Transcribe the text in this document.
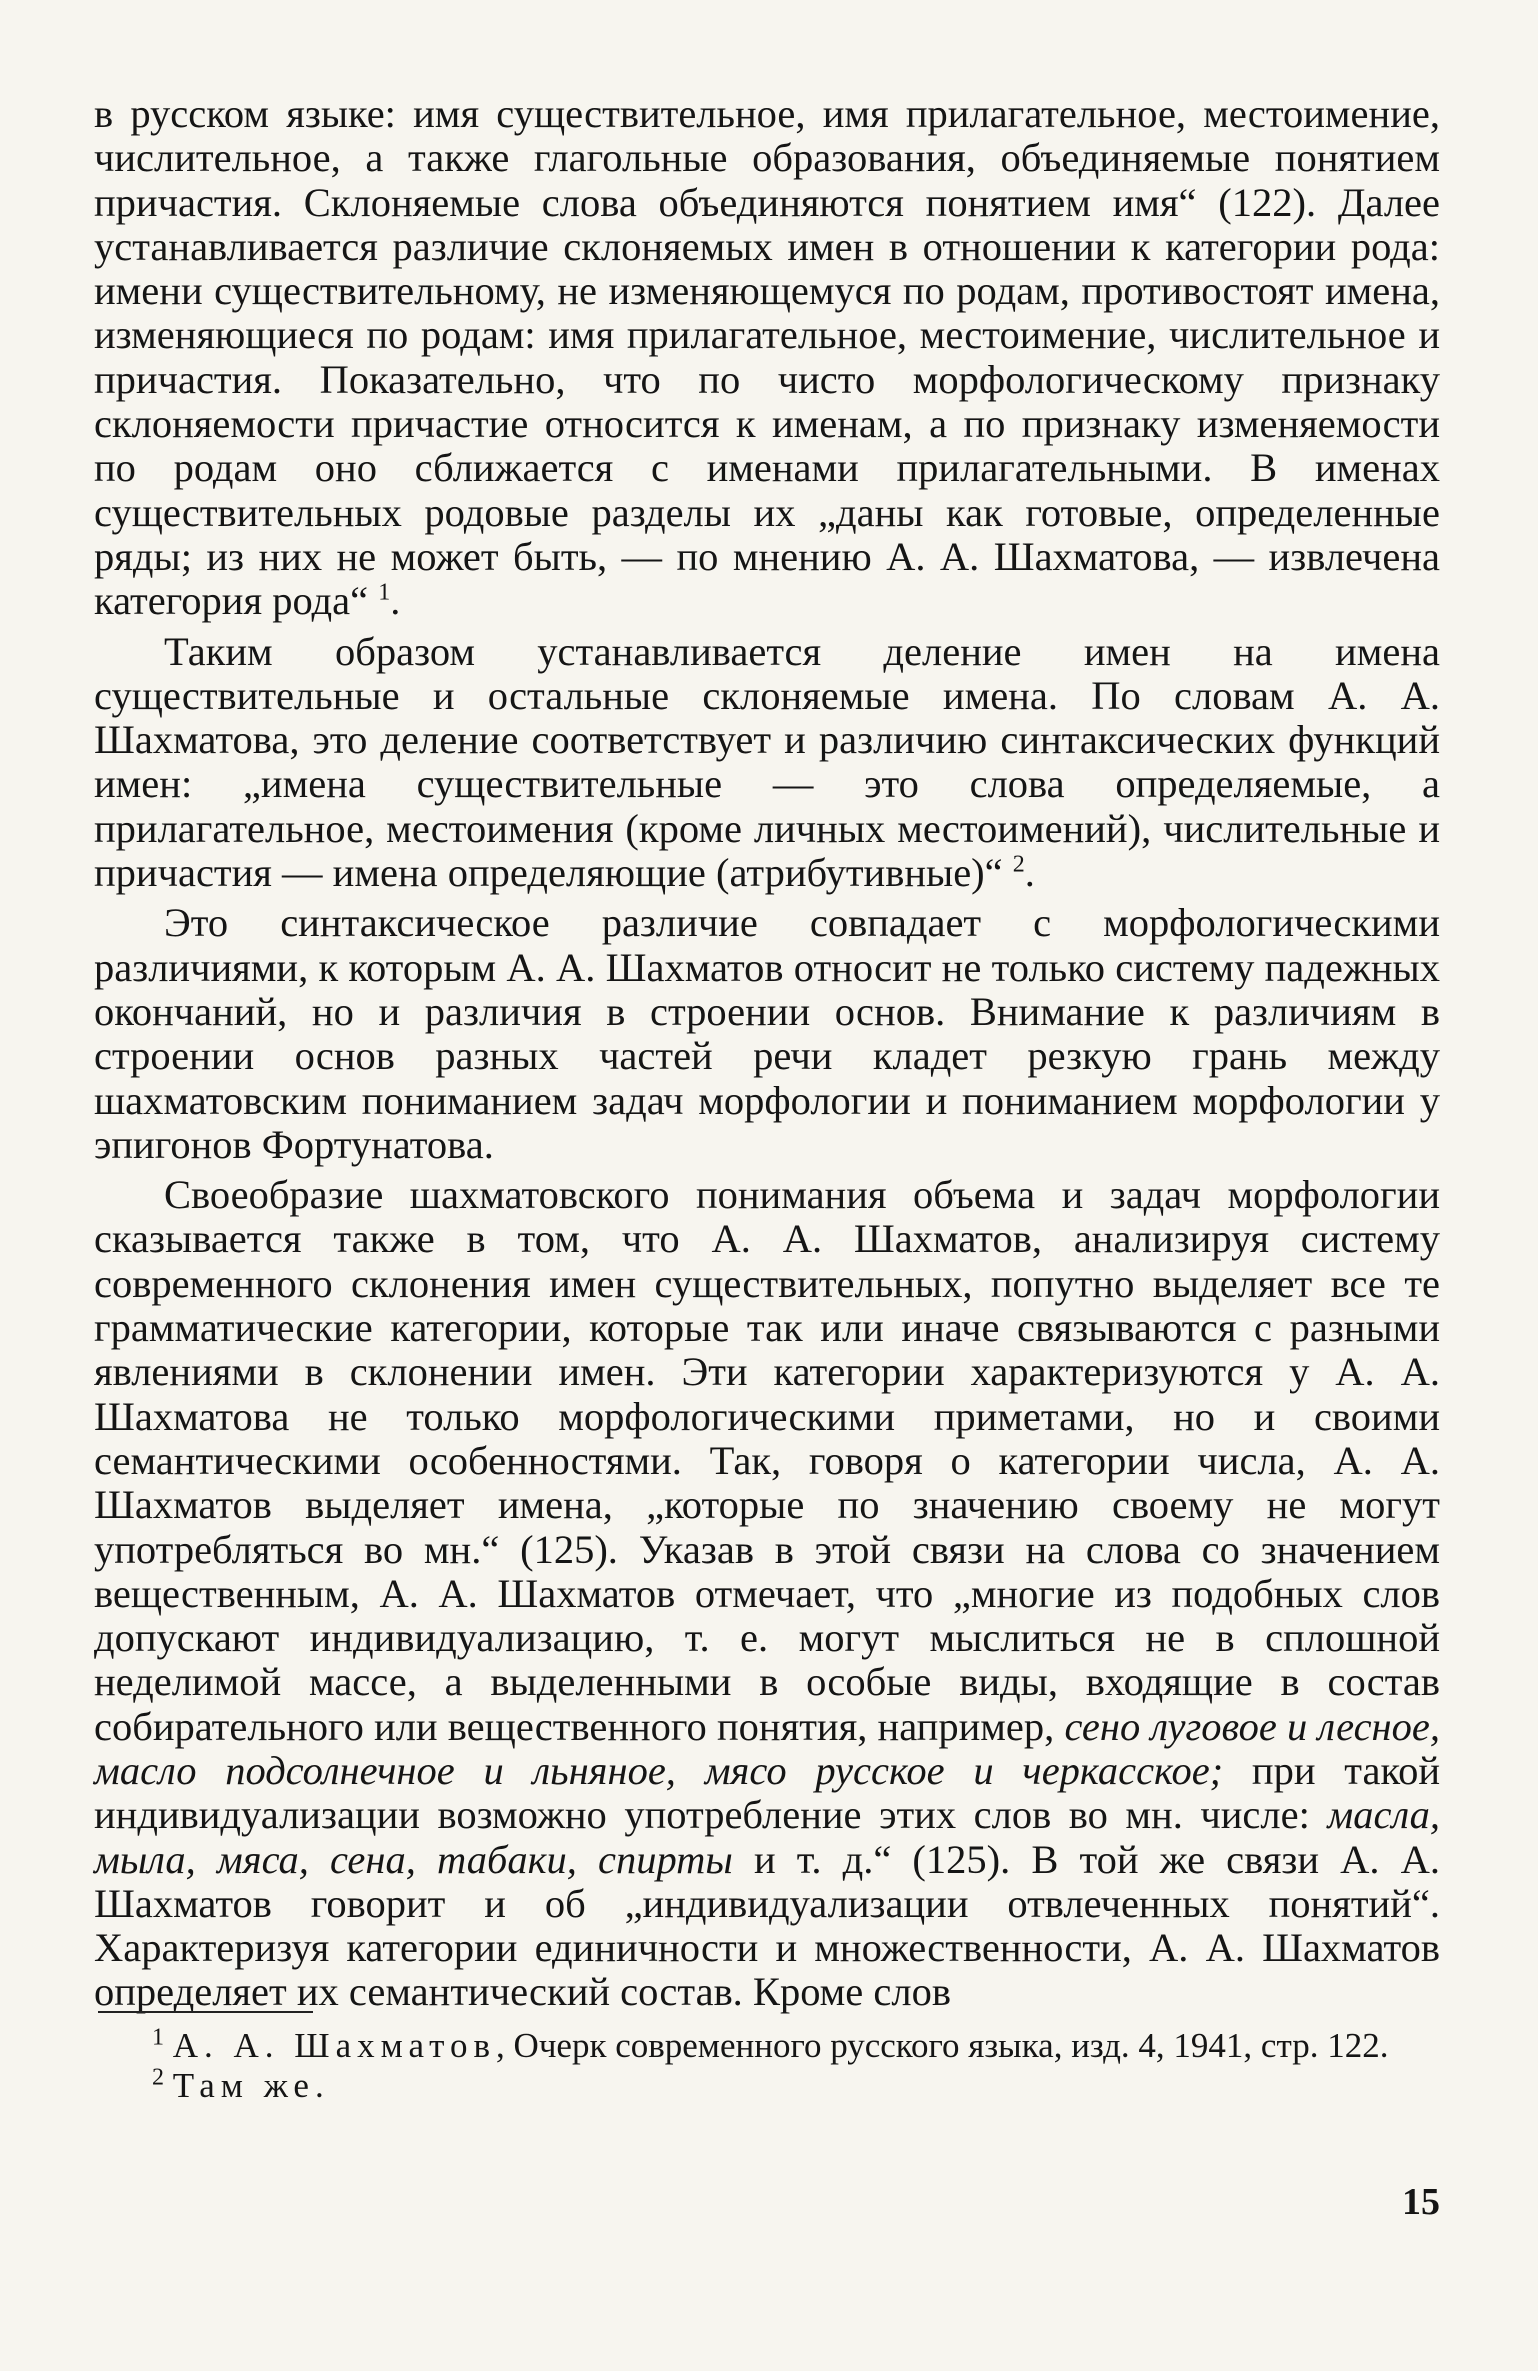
в русском языке: имя существительное, имя прилагательное, местоимение, числительное, а также глагольные образования, объединяемые понятием причастия. Склоняемые слова объединяются понятием имя“ (122). Далее устанавливается различие склоняемых имен в отношении к категории рода: имени существительному, не изменяющемуся по родам, противостоят имена, изменяющиеся по родам: имя прилагательное, местоимение, числительное и причастия. Показательно, что по чисто морфологическому признаку склоняемости причастие относится к именам, а по признаку изменяемости по родам оно сближается с именами прилагательными. В именах существительных родовые разделы их „даны как готовые, определенные ряды; из них не может быть, — по мнению А. А. Шахматова, — извлечена категория рода“ $^1$.

Таким образом устанавливается деление имен на имена существительные и остальные склоняемые имена. По словам А. А. Шахматова, это деление соответствует и различию синтаксических функций имен: „имена существительные — это слова определяемые, а прилагательное, местоимения (кроме личных местоимений), числительные и причастия — имена определяющие (атрибутивные)“ $^2$.

Это синтаксическое различие совпадает с морфологическими различиями, к которым А. А. Шахматов относит не только систему падежных окончаний, но и различия в строении основ. Внимание к различиям в строении основ разных частей речи кладет резкую грань между шахматовским пониманием задач морфологии и пониманием морфологии у эпигонов Фортунатова.

Своеобразие шахматовского понимания объема и задач морфологии сказывается также в том, что А. А. Шахматов, анализируя систему современного склонения имен существительных, попутно выделяет все те грамматические категории, которые так или иначе связываются с разными явлениями в склонении имен. Эти категории характеризуются у А. А. Шахматова не только морфологическими приметами, но и своими семантическими особенностями. Так, говоря о категории числа, А. А. Шахматов выделяет имена, „которые по значению своему не могут употребляться во мн.“ (125). Указав в этой связи на слова со значением вещественным, А. А. Шахматов отмечает, что „многие из подобных слов допускают индивидуализацию, т. е. могут мыслиться не в сплошной неделимой массе, а выделенными в особые виды, входящие в состав собирательного или вещественного понятия, например, сено луговое и лесное, масло подсолнечное и льняное, мясо русское и черкасское; при такой индивидуализации возможно употребление этих слов во мн. числе: масла, мыла, мяса, сена, табаки, спирты и т. д.“ (125). В той же связи А. А. Шахматов говорит и об „индивидуализации отвлеченных понятий“. Характеризуя категории единичности и множественности, А. А. Шахматов определяет их семантический состав. Кроме слов

$^1$ А. А. Шахматов, Очерк современного русского языка, изд. 4, 1941, стр. 122.

$^2$ Там же.

15
